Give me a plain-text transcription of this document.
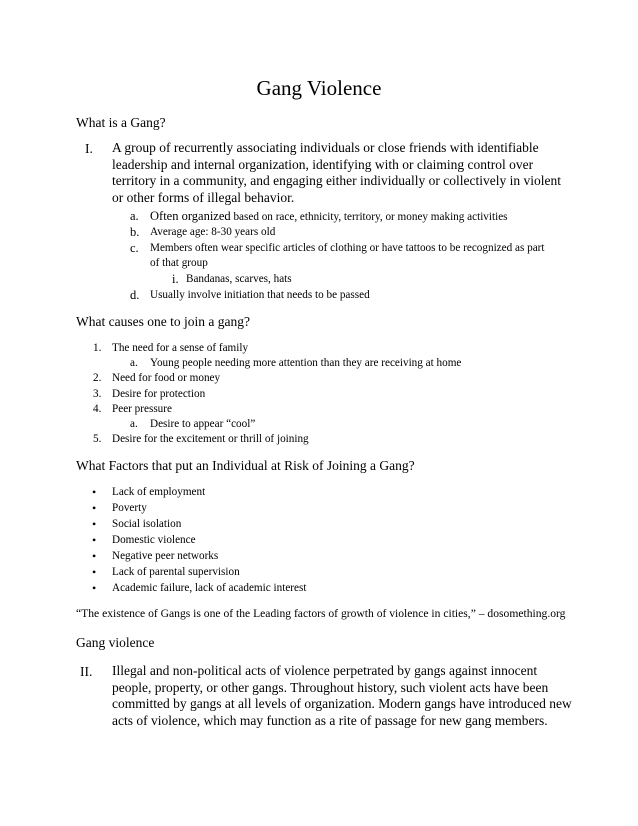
Gang Violence
What is a Gang?
I. A group of recurrently associating individuals or close friends with identifiable leadership and internal organization, identifying with or claiming control over territory in a community, and engaging either individually or collectively in violent or other forms of illegal behavior.
a. Often organized based on race, ethnicity, territory, or money making activities
b. Average age: 8-30 years old
c. Members often wear specific articles of clothing or have tattoos to be recognized as part
of that group
i. Bandanas, scarves, hats
d. Usually involve initiation that needs to be passed
What causes one to join a gang?
1. The need for a sense of family
a. Young people needing more attention than they are receiving at home
2. Need for food or money
3. Desire for protection
4. Peer pressure
a. Desire to appear “cool”
5. Desire for the excitement or thrill of joining
What Factors that put an Individual at Risk of Joining a Gang?
• Lack of employment
• Poverty
• Social isolation
• Domestic violence
• Negative peer networks
• Lack of parental supervision
• Academic failure, lack of academic interest
“The existence of Gangs is one of the Leading factors of growth of violence in cities,” – dosomething.org
Gang violence
II. Illegal and non-political acts of violence perpetrated by gangs against innocent people, property, or other gangs. Throughout history, such violent acts have been committed by gangs at all levels of organization. Modern gangs have introduced new acts of violence, which may function as a rite of passage for new gang members.
